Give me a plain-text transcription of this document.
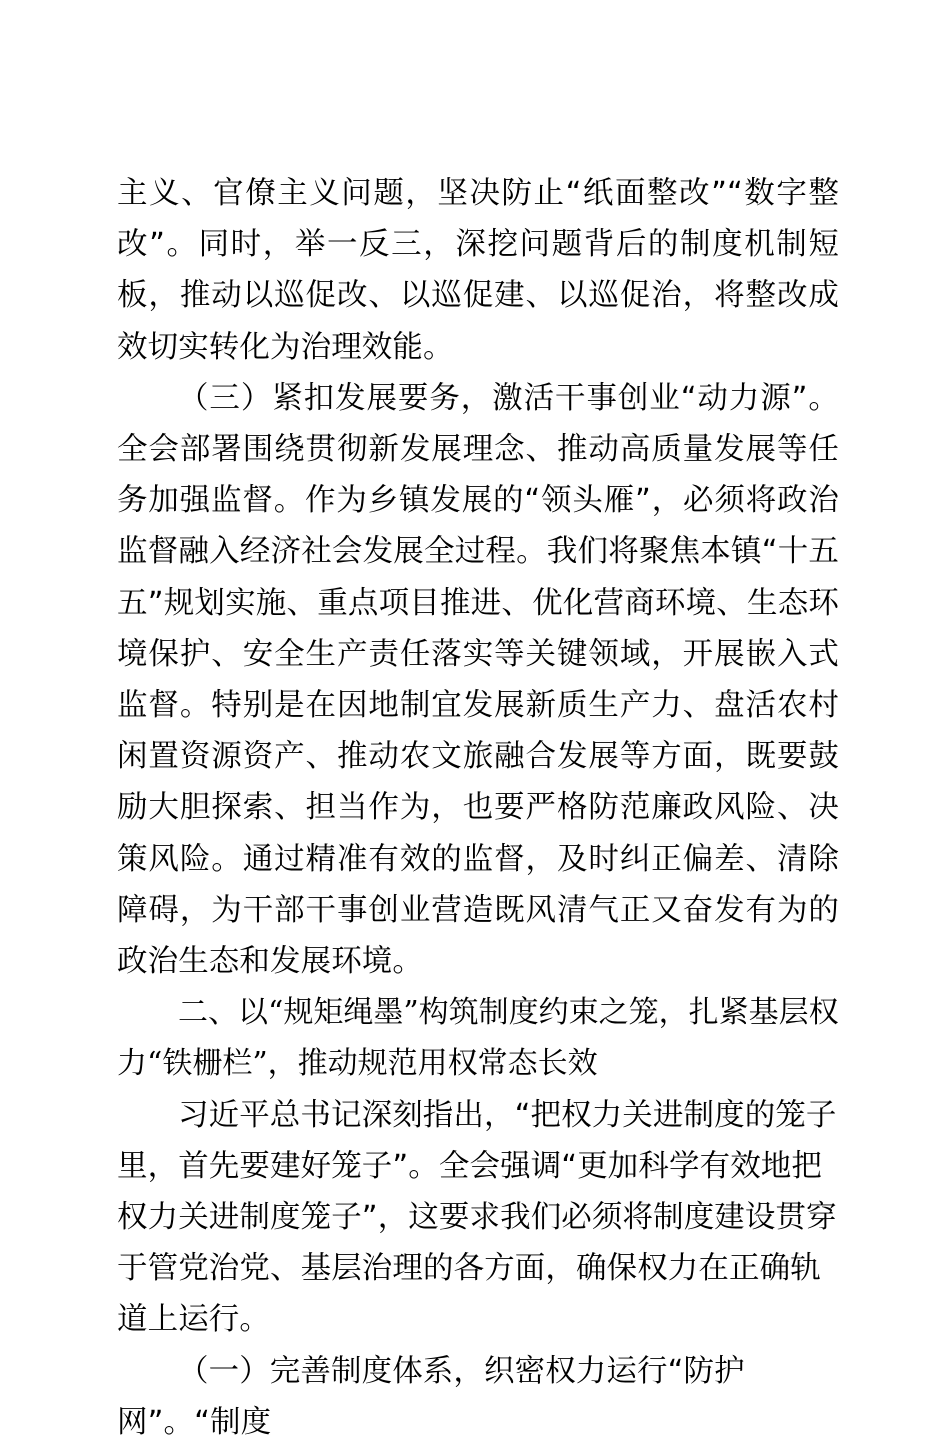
主义、官僚主义问题，坚决防止“纸面整改”“数字整改”。同时，举一反三，深挖问题背后的制度机制短板，推动以巡促改、以巡促建、以巡促治，将整改成效切实转化为治理效能。

（三）紧扣发展要务，激活干事创业“动力源”。全会部署围绕贯彻新发展理念、推动高质量发展等任务加强监督。作为乡镇发展的“领头雁”，必须将政治监督融入经济社会发展全过程。我们将聚焦本镇“十五五”规划实施、重点项目推进、优化营商环境、生态环境保护、安全生产责任落实等关键领域，开展嵌入式监督。特别是在因地制宜发展新质生产力、盘活农村闲置资源资产、推动农文旅融合发展等方面，既要鼓励大胆探索、担当作为，也要严格防范廉政风险、决策风险。通过精准有效的监督，及时纠正偏差、清除障碍，为干部干事创业营造既风清气正又奋发有为的政治生态和发展环境。

二、以“规矩绳墨”构筑制度约束之笼，扎紧基层权力“铁栅栏”，推动规范用权常态长效

习近平总书记深刻指出，“把权力关进制度的笼子里，首先要建好笼子”。全会强调“更加科学有效地把权力关进制度笼子”，这要求我们必须将制度建设贯穿于管党治党、基层治理的各方面，确保权力在正确轨道上运行。

（一）完善制度体系，织密权力运行“防护网”。“制度
